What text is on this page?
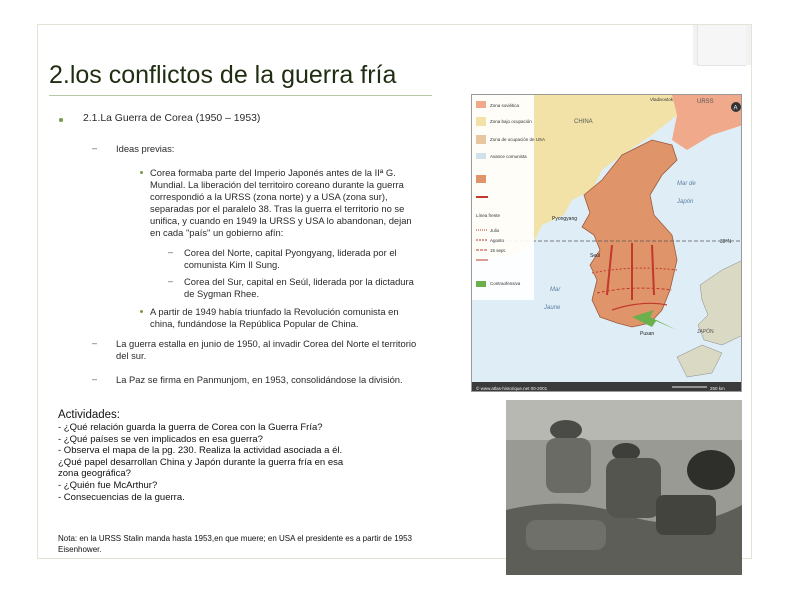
2.los conflictos de la guerra fría
2.1.La Guerra de Corea (1950 – 1953)
– Ideas previas:
Corea formaba parte del Imperio Japonés antes de la IIª G.
Mundial. La liberación del territoiro coreano durante la guerra
correspondió a la URSS (zona norte) y a USA (zona sur),
separadas por el paralelo 38. Tras la guerra el territorio no se
unifica, y cuando en 1949 la URSS y USA lo abandonan, dejan
en cada "país" un gobierno afín:
– Corea del Norte, capital Pyongyang, liderada por el
comunista Kim Il Sung.
– Corea del Sur, capital en Seúl, liderada por la dictadura
de Sygman Rhee.
A partir de 1949 había triunfado la Revolución comunista en
china, fundándose la República Popular de China.
– La guerra estalla en junio de 1950, al invadir Corea del Norte el territorio
del sur.
– La Paz se firma en Panmunjom, en 1953, consolidándose la división.
Zona soviética
Zona bajo ocupación
Zona de ocupación de USA
Avance comunista
Línea frente
Julio
Agosto
15 sept.
Contraofensiva
URSS
A
CHINA
Vladivostok
Pyongyang
Seúl
Pusan
Mar de
Japón
JAPÓN
Mar
Jaune
38°N
© www.atlas-historique.net 00-2001	250 km
Actividades:
- ¿Qué relación guarda la guerra de Corea con la Guerra Fría?
- ¿Qué países se ven implicados en esa guerra?
- Observa el mapa de la pg. 230. Realiza la actividad asociada a él.
¿Qué papel desarrollan China y Japón durante la guerra fría en esa
zona geográfica?
- ¿Quién fue McArthur?
- Consecuencias de la guerra.
Nota: en la URSS Stalin manda hasta 1953,en que muere; en USA el presidente es a partir de 1953
Eisenhower.
